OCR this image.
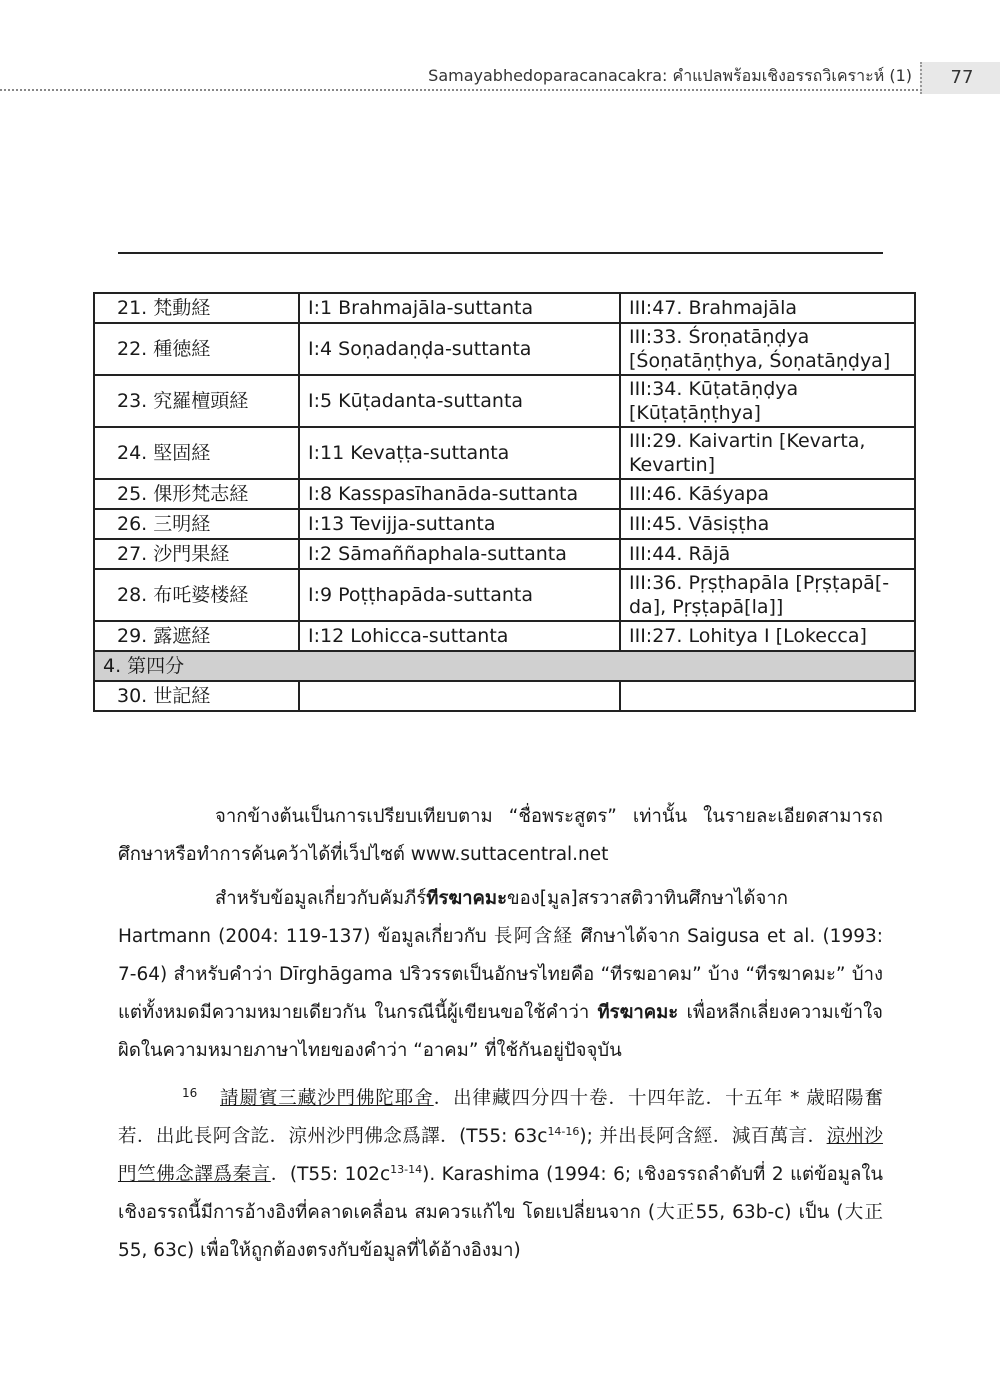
Samayabhedoparacanacakra: คำแปลพร้อมเชิงอรรถวิเคราะห์ (1)	77
21. 梵動経	I:1 Brahmajāla-suttanta	III:47. Brahmajāla
22. 種徳経	I:4 Soṇadaṇḍa-suttanta	III:33. Śroṇatāṇḍya
[Śoṇatāṇṭhya, Śoṇatāṇḍya]
23. 究羅檀頭経	I:5 Kūṭadanta-suttanta	III:34. Kūṭatāṇḍya
[Kūṭaṭāṇṭhya]
24. 堅固経	I:11 Kevaṭṭa-suttanta	III:29. Kaivartin [Kevarta,
Kevartin]
25. 倮形梵志経	I:8 Kasspasīhanāda-suttanta	III:46. Kāśyapa
26. 三明経	I:13 Tevijja-suttanta	III:45. Vāsiṣṭha
27. 沙門果経	I:2 Sāmaññaphala-suttanta	III:44. Rājā
28. 布吒婆楼経	I:9 Poṭṭhapāda-suttanta	III:36. Pṛṣṭhapāla [Pṛṣṭapā[-
da], Pṛṣṭapā[la]]
29. 露遮経	I:12 Lohicca-suttanta	III:27. Lohitya I [Lokecca]
4. 第四分		
30. 世記経		

จากข้างต้นเป็นการเปรียบเทียบตาม “ชื่อพระสูตร” เท่านั้น ในรายละเอียดสามารถศึกษาหรือทำการค้นคว้าได้ที่เว็ปไซต์ www.suttacentral.net

สำหรับข้อมูลเกี่ยวกับคัมภีร์ทีรฆาคมะของ[มูล]สรวาสติวาทินศึกษาได้จาก Hartmann (2004: 119-137) ข้อมูลเกี่ยวกับ 長阿含経 ศึกษาได้จาก Saigusa et al. (1993: 7-64) สำหรับคำว่า Dīrghāgama ปริวรรตเป็นอักษรไทยคือ “ทีรฆอาคม” บ้าง “ทีรฆาคมะ” บ้าง แต่ทั้งหมดมีความหมายเดียวกัน ในกรณีนี้ผู้เขียนขอใช้คำว่า ทีรฆาคมะ เพื่อหลีกเลี่ยงความเข้าใจผิดในความหมายภาษาไทยของคำว่า “อาคม” ที่ใช้กันอยู่ปัจจุบัน

16	請罽賓三藏沙門佛陀耶舍．出律藏四分四十卷．十四年訖．十五年 * 歳昭陽奮若．出此長阿含訖．涼州沙門佛念爲譯．(T55: $63c^{14-16}$); 并出長阿含經．減百萬言．涼州沙門竺佛念譯爲秦言．(T55: $102c^{13-14}$). Karashima (1994: 6; เชิงอรรถลำดับที่ 2 แต่ข้อมูลในเชิงอรรถนี้มีการอ้างอิงที่คลาดเคลื่อน สมควรแก้ไข โดยเปลี่ยนจาก (大正55, 63b-c) เป็น (大正55, 63c) เพื่อให้ถูกต้องตรงกับข้อมูลที่ได้อ้างอิงมา)
